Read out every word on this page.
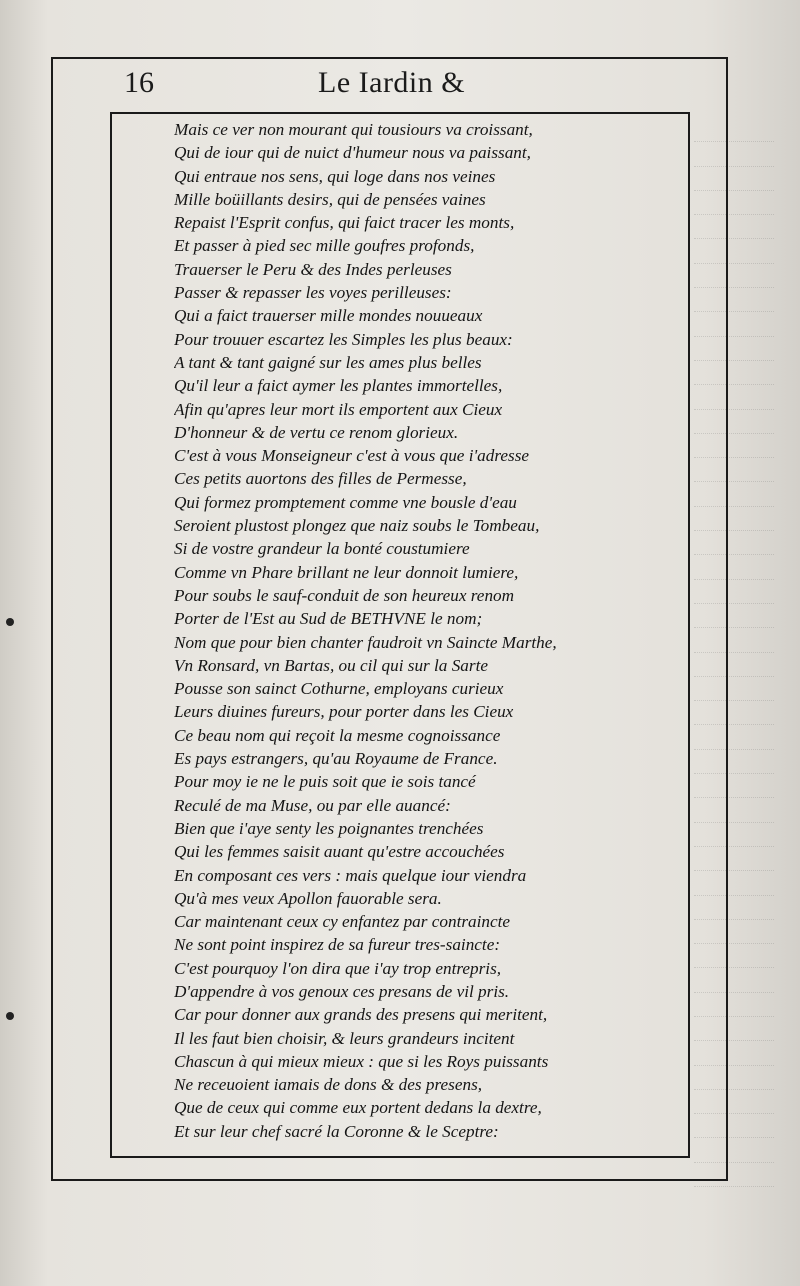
16	Le Iardin &
Mais ce ver non mourant qui tousiours va croissant,
Qui de iour qui de nuict d'humeur nous va paissant,
Qui entraue nos sens, qui loge dans nos veines
Mille boüillants desirs, qui de pensées vaines
Repaist l'Esprit confus, qui faict tracer les monts,
Et passer à pied sec mille goufres profonds,
Trauerser le Peru & des Indes perleuses
Passer & repasser les voyes perilleuses:
Qui a faict trauerser mille mondes nouueaux
Pour trouuer escartez les Simples les plus beaux:
A tant & tant gaigné sur les ames plus belles
Qu'il leur a faict aymer les plantes immortelles,
Afin qu'apres leur mort ils emportent aux Cieux
D'honneur & de vertu ce renom glorieux.
C'est à vous Monseigneur c'est à vous que i'adresse
Ces petits auortons des filles de Permesse,
Qui formez promptement comme vne bousle d'eau
Seroient plustost plongez que naiz soubs le Tombeau,
Si de vostre grandeur la bonté coustumiere
Comme vn Phare brillant ne leur donnoit lumiere,
Pour soubs le sauf-conduit de son heureux renom
Porter de l'Est au Sud de BETHVNE le nom;
Nom que pour bien chanter faudroit vn Saincte Marthe,
Vn Ronsard, vn Bartas, ou cil qui sur la Sarte
Pousse son sainct Cothurne, employans curieux
Leurs diuines fureurs, pour porter dans les Cieux
Ce beau nom qui reçoit la mesme cognoissance
Es pays estrangers, qu'au Royaume de France.
Pour moy ie ne le puis soit que ie sois tancé
Reculé de ma Muse, ou par elle auancé:
Bien que i'aye senty les poignantes trenchées
Qui les femmes saisit auant qu'estre accouchées
En composant ces vers : mais quelque iour viendra
Qu'à mes veux Apollon fauorable sera.
Car maintenant ceux cy enfantez par contraincte
Ne sont point inspirez de sa fureur tres-saincte:
C'est pourquoy l'on dira que i'ay trop entrepris,
D'appendre à vos genoux ces presans de vil pris.
Car pour donner aux grands des presens qui meritent,
Il les faut bien choisir, & leurs grandeurs incitent
Chascun à qui mieux mieux : que si les Roys puissants
Ne receuoient iamais de dons & des presens,
Que de ceux qui comme eux portent dedans la dextre,
Et sur leur chef sacré la Coronne & le Sceptre:
